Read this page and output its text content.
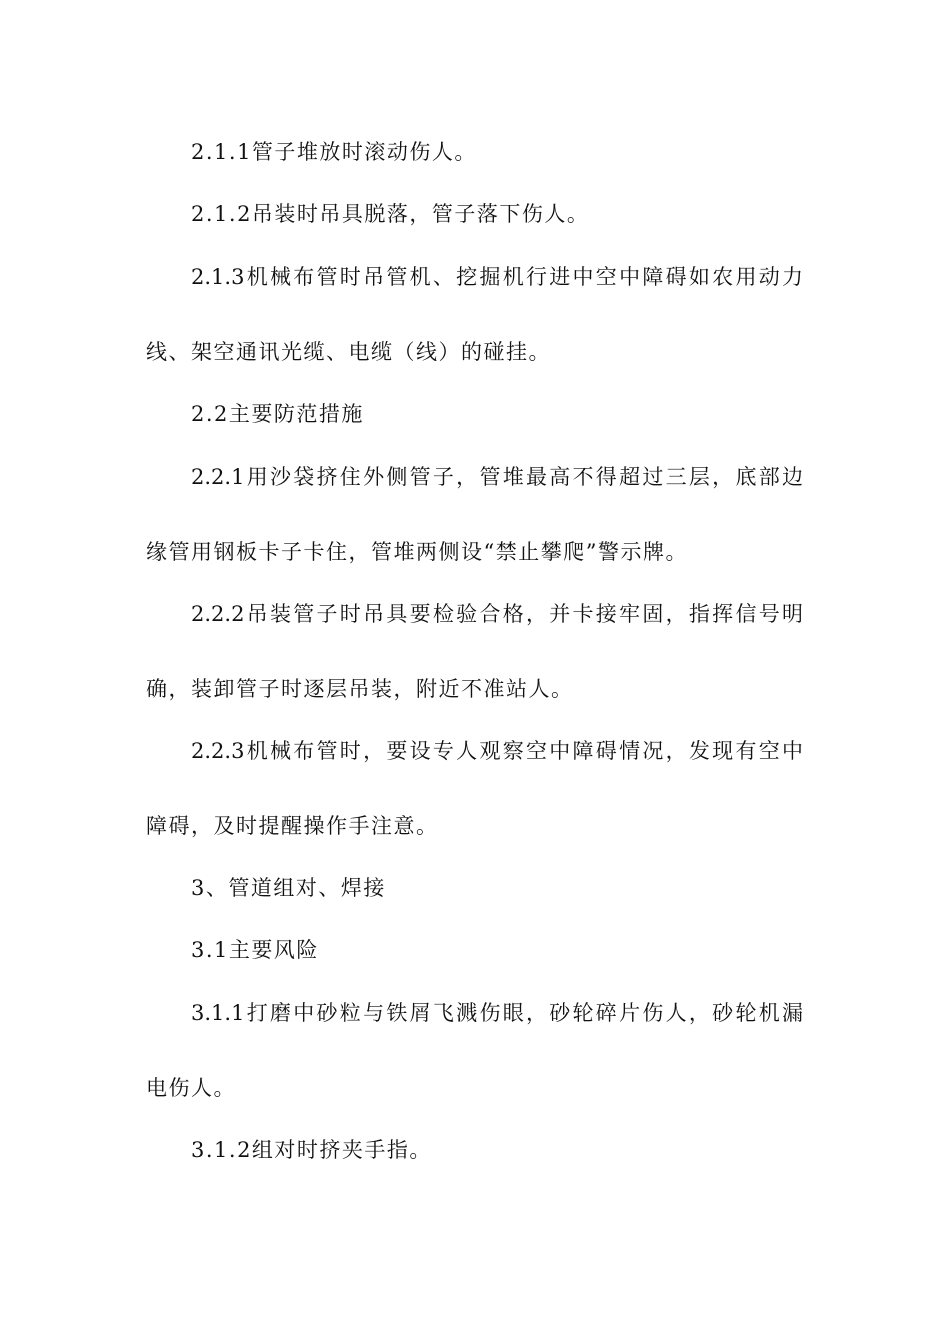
2.1.1管子堆放时滚动伤人。
2.1.2吊装时吊具脱落，管子落下伤人。
2.1.3机械布管时吊管机、挖掘机行进中空中障碍如农用动力
线、架空通讯光缆、电缆（线）的碰挂。
2.2主要防范措施
2.2.1用沙袋挤住外侧管子，管堆最高不得超过三层，底部边
缘管用钢板卡子卡住，管堆两侧设“禁止攀爬”警示牌。
2.2.2吊装管子时吊具要检验合格，并卡接牢固，指挥信号明
确，装卸管子时逐层吊装，附近不准站人。
2.2.3机械布管时，要设专人观察空中障碍情况，发现有空中
障碍，及时提醒操作手注意。
3、管道组对、焊接
3.1主要风险
3.1.1打磨中砂粒与铁屑飞溅伤眼，砂轮碎片伤人，砂轮机漏
电伤人。
3.1.2组对时挤夹手指。
